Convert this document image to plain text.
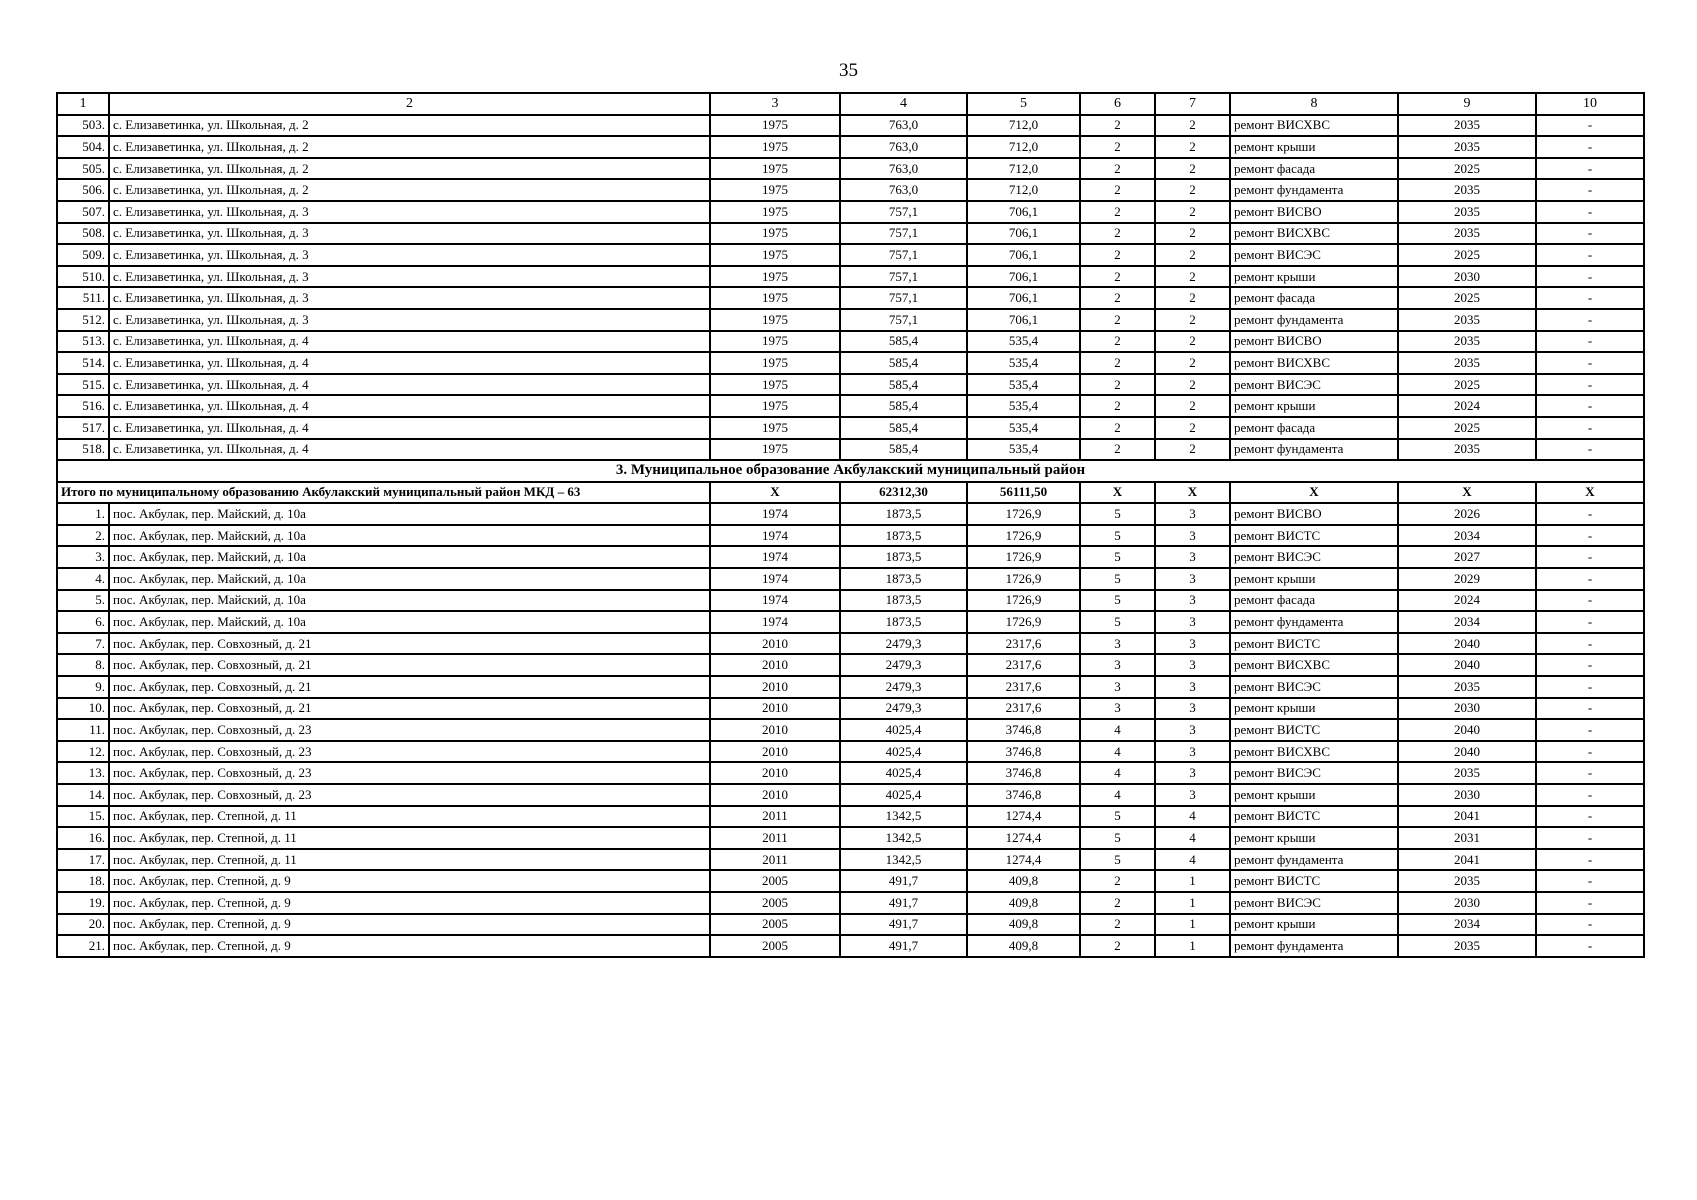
35
1	2	3	4	5	6	7	8	9	10
503.	с. Елизаветинка, ул. Школьная, д. 2	1975	763,0	712,0	2	2	ремонт ВИСХВС	2035	-
504.	с. Елизаветинка, ул. Школьная, д. 2	1975	763,0	712,0	2	2	ремонт крыши	2035	-
505.	с. Елизаветинка, ул. Школьная, д. 2	1975	763,0	712,0	2	2	ремонт фасада	2025	-
506.	с. Елизаветинка, ул. Школьная, д. 2	1975	763,0	712,0	2	2	ремонт фундамента	2035	-
507.	с. Елизаветинка, ул. Школьная, д. 3	1975	757,1	706,1	2	2	ремонт ВИСВО	2035	-
508.	с. Елизаветинка, ул. Школьная, д. 3	1975	757,1	706,1	2	2	ремонт ВИСХВС	2035	-
509.	с. Елизаветинка, ул. Школьная, д. 3	1975	757,1	706,1	2	2	ремонт ВИСЭС	2025	-
510.	с. Елизаветинка, ул. Школьная, д. 3	1975	757,1	706,1	2	2	ремонт крыши	2030	-
511.	с. Елизаветинка, ул. Школьная, д. 3	1975	757,1	706,1	2	2	ремонт фасада	2025	-
512.	с. Елизаветинка, ул. Школьная, д. 3	1975	757,1	706,1	2	2	ремонт фундамента	2035	-
513.	с. Елизаветинка, ул. Школьная, д. 4	1975	585,4	535,4	2	2	ремонт ВИСВО	2035	-
514.	с. Елизаветинка, ул. Школьная, д. 4	1975	585,4	535,4	2	2	ремонт ВИСХВС	2035	-
515.	с. Елизаветинка, ул. Школьная, д. 4	1975	585,4	535,4	2	2	ремонт ВИСЭС	2025	-
516.	с. Елизаветинка, ул. Школьная, д. 4	1975	585,4	535,4	2	2	ремонт крыши	2024	-
517.	с. Елизаветинка, ул. Школьная, д. 4	1975	585,4	535,4	2	2	ремонт фасада	2025	-
518.	с. Елизаветинка, ул. Школьная, д. 4	1975	585,4	535,4	2	2	ремонт фундамента	2035	-
3. Муниципальное образование Акбулакский муниципальный район									
Итого по муниципальному образованию Акбулакский муниципальный район МКД – 63		Х	62312,30	56111,50	Х	Х	Х	Х	Х
1.	пос. Акбулак, пер. Майский, д. 10а	1974	1873,5	1726,9	5	3	ремонт ВИСВО	2026	-
2.	пос. Акбулак, пер. Майский, д. 10а	1974	1873,5	1726,9	5	3	ремонт ВИСТС	2034	-
3.	пос. Акбулак, пер. Майский, д. 10а	1974	1873,5	1726,9	5	3	ремонт ВИСЭС	2027	-
4.	пос. Акбулак, пер. Майский, д. 10а	1974	1873,5	1726,9	5	3	ремонт крыши	2029	-
5.	пос. Акбулак, пер. Майский, д. 10а	1974	1873,5	1726,9	5	3	ремонт фасада	2024	-
6.	пос. Акбулак, пер. Майский, д. 10а	1974	1873,5	1726,9	5	3	ремонт фундамента	2034	-
7.	пос. Акбулак, пер. Совхозный, д. 21	2010	2479,3	2317,6	3	3	ремонт ВИСТС	2040	-
8.	пос. Акбулак, пер. Совхозный, д. 21	2010	2479,3	2317,6	3	3	ремонт ВИСХВС	2040	-
9.	пос. Акбулак, пер. Совхозный, д. 21	2010	2479,3	2317,6	3	3	ремонт ВИСЭС	2035	-
10.	пос. Акбулак, пер. Совхозный, д. 21	2010	2479,3	2317,6	3	3	ремонт крыши	2030	-
11.	пос. Акбулак, пер. Совхозный, д. 23	2010	4025,4	3746,8	4	3	ремонт ВИСТС	2040	-
12.	пос. Акбулак, пер. Совхозный, д. 23	2010	4025,4	3746,8	4	3	ремонт ВИСХВС	2040	-
13.	пос. Акбулак, пер. Совхозный, д. 23	2010	4025,4	3746,8	4	3	ремонт ВИСЭС	2035	-
14.	пос. Акбулак, пер. Совхозный, д. 23	2010	4025,4	3746,8	4	3	ремонт крыши	2030	-
15.	пос. Акбулак, пер. Степной, д. 11	2011	1342,5	1274,4	5	4	ремонт ВИСТС	2041	-
16.	пос. Акбулак, пер. Степной, д. 11	2011	1342,5	1274,4	5	4	ремонт крыши	2031	-
17.	пос. Акбулак, пер. Степной, д. 11	2011	1342,5	1274,4	5	4	ремонт фундамента	2041	-
18.	пос. Акбулак, пер. Степной, д. 9	2005	491,7	409,8	2	1	ремонт ВИСТС	2035	-
19.	пос. Акбулак, пер. Степной, д. 9	2005	491,7	409,8	2	1	ремонт ВИСЭС	2030	-
20.	пос. Акбулак, пер. Степной, д. 9	2005	491,7	409,8	2	1	ремонт крыши	2034	-
21.	пос. Акбулак, пер. Степной, д. 9	2005	491,7	409,8	2	1	ремонт фундамента	2035	-
